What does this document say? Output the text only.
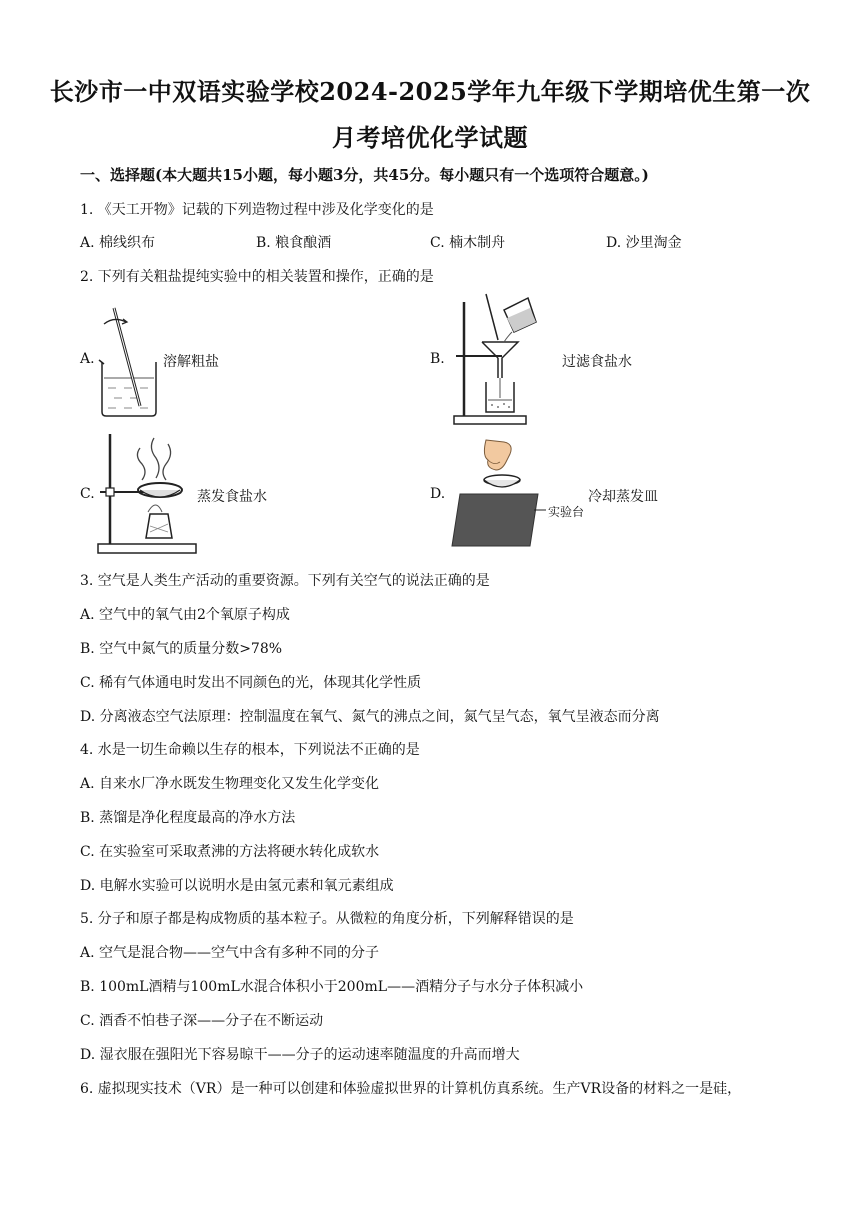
长沙市一中双语实验学校2024-2025学年九年级下学期培优生第一次
月考培优化学试题
一、选择题(本大题共15小题，每小题3分，共45分。每小题只有一个选项符合题意。)
1. 《天工开物》记载的下列造物过程中涉及化学变化的是
A. 棉线织布	B. 粮食酿酒	C. 楠木制舟	D. 沙里淘金
2. 下列有关粗盐提纯实验中的相关装置和操作，正确的是
A.	溶解粗盐	B.	过滤食盐水
C.	蒸发食盐水	D.
实验台
冷却蒸发皿
3. 空气是人类生产活动的重要资源。下列有关空气的说法正确的是
A. 空气中的氧气由2个氧原子构成
B. 空气中氮气的质量分数>78%
C. 稀有气体通电时发出不同颜色的光，体现其化学性质
D. 分离液态空气法原理：控制温度在氧气、氮气的沸点之间，氮气呈气态，氧气呈液态而分离
4. 水是一切生命赖以生存的根本，下列说法不正确的是
A. 自来水厂净水既发生物理变化又发生化学变化
B. 蒸馏是净化程度最高的净水方法
C. 在实验室可采取煮沸的方法将硬水转化成软水
D. 电解水实验可以说明水是由氢元素和氧元素组成
5. 分子和原子都是构成物质的基本粒子。从微粒的角度分析，下列解释错误的是
A. 空气是混合物——空气中含有多种不同的分子
B. 100mL酒精与100mL水混合体积小于200mL——酒精分子与水分子体积减小
C. 酒香不怕巷子深——分子在不断运动
D. 湿衣服在强阳光下容易晾干——分子的运动速率随温度的升高而增大
6. 虚拟现实技术（VR）是一种可以创建和体验虚拟世界的计算机仿真系统。生产VR设备的材料之一是硅，
